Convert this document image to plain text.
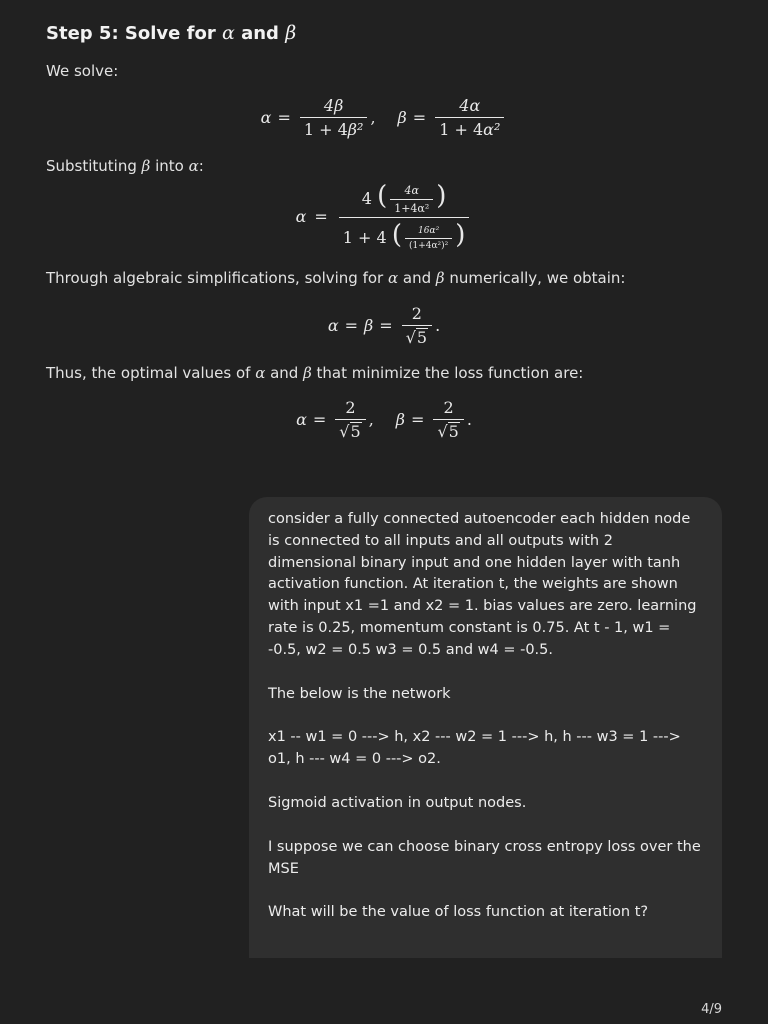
Step 5: Solve for α and β

We solve:

$\alpha = \frac{4\beta}{\text{1 + 4β²}}$ , $\beta = \frac{4\alpha}{\text{1 + 4α²}}$

Substituting β into α:

$\alpha = \frac{4 ( \frac{4\alpha}{\text{1+4α²}} )}{1 + 4 ( \frac{\text{16α²}}{\text{(1+4α²)²}} )}$

Through algebraic simplifications, solving for α and β numerically, we obtain:

$\alpha = \beta = \frac{2}{√ 5}$ .

Thus, the optimal values of α and β that minimize the loss function are:

$\alpha = \frac{2}{√ 5}$ , $\beta = \frac{2}{√ 5}$ .

consider a fully connected autoencoder each hidden node is connected to all inputs and all outputs with 2 dimensional binary input and one hidden layer with tanh activation function. At iteration t, the weights are shown with input x1 =1 and x2 = 1. bias values are zero. learning rate is 0.25, momentum constant is 0.75. At t - 1, w1 = -0.5, w2 = 0.5 w3 = 0.5 and w4 = -0.5.

The below is the network

x1 -- w1 = 0 ---> h, x2 --- w2 = 1 ---> h, h --- w3 = 1 ---> o1, h --- w4 = 0 ---> o2.

Sigmoid activation in output nodes.

I suppose we can choose binary cross entropy loss over the MSE

What will be the value of loss function at iteration t?

4/9
